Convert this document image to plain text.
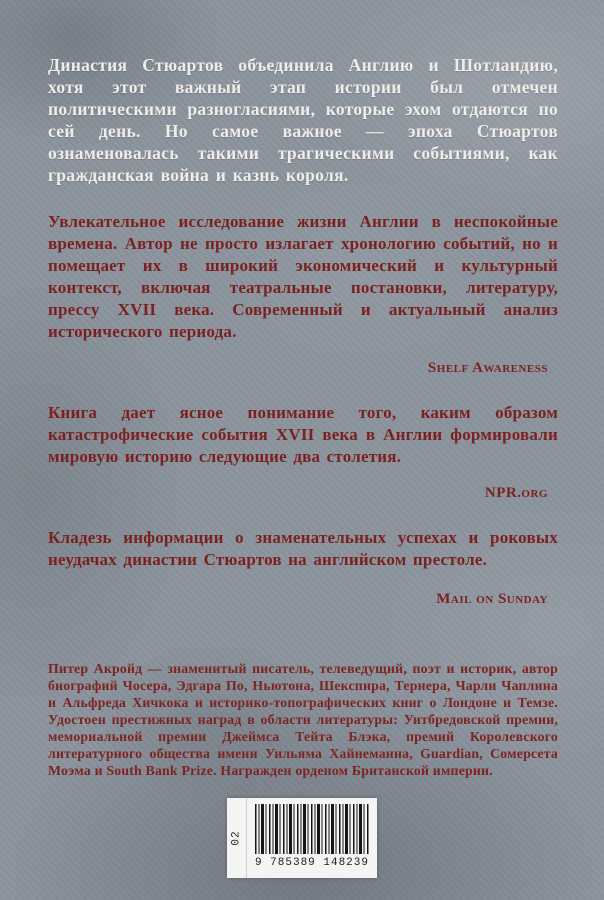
Династия Стюартов объединила Англию и Шотландию, хотя этот важный этап истории был отмечен политическими разногласиями, которые эхом отдаются по сей день. Но самое важное — эпоха Стюартов ознаменовалась такими трагическими событиями, как гражданская война и казнь короля.

Увлекательное исследование жизни Англии в неспокойные времена. Автор не просто излагает хронологию событий, но и помещает их в широкий экономический и культурный контекст, включая театральные постановки, литературу, прессу XVII века. Современный и актуальный анализ исторического периода.

Shelf Awareness

Книга дает ясное понимание того, каким образом катастрофические события XVII века в Англии формировали мировую историю следующие два столетия.

NPR.org

Кладезь информации о знаменательных успехах и роковых неудачах династии Стюартов на английском престоле.

Mail on Sunday

Питер Акройд — знаменитый писатель, телеведущий, поэт и историк, автор биографий Чосера, Эдгара По, Ньютона, Шекспира, Тернера, Чарли Чаплина и Альфреда Хичкока и историко-топографических книг о Лондоне и Темзе. Удостоен престижных наград в области литературы: Уитбредовской премии, мемориальной премии Джеймса Тейта Блэка, премий Королевского литературного общества имени Уильяма Хайнеманна, Guardian, Сомерсета Моэма и South Bank Prize. Награжден орденом Британской империи.

02
9 785389 148239
